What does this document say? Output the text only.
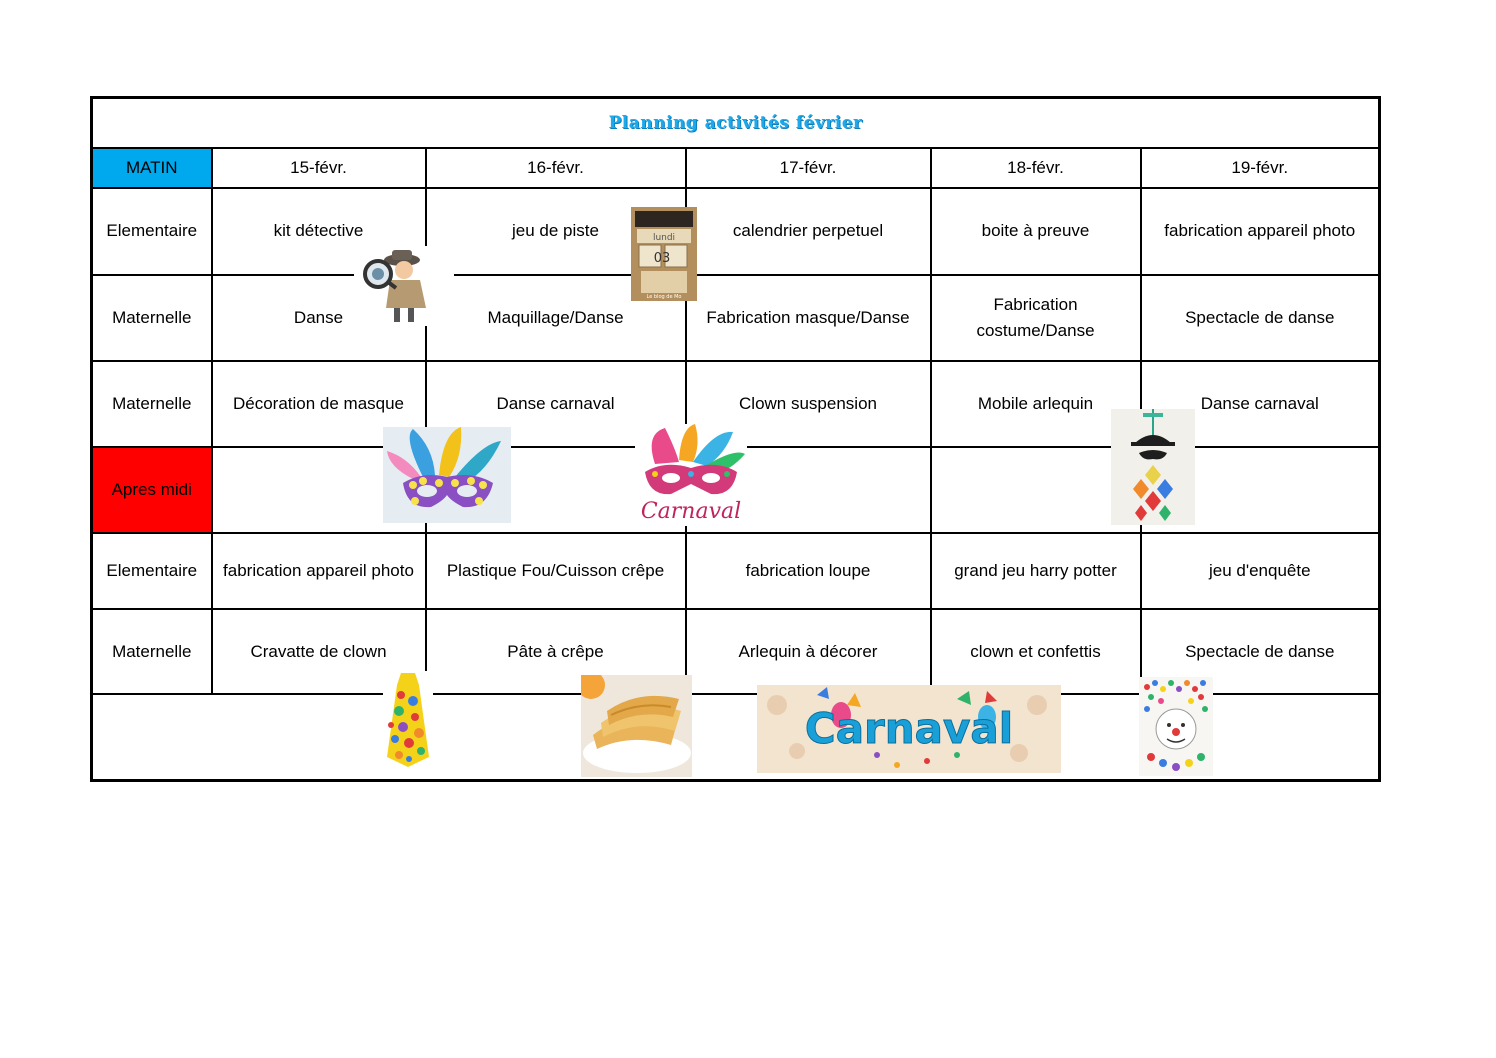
Planning activités février					
MATIN	15-févr.	16-févr.	17-févr.	18-févr.	19-févr.
Elementaire	kit détective	jeu de piste	calendrier perpetuel	boite à preuve	fabrication appareil photo
Maternelle	Danse	Maquillage/Danse	Fabrication masque/Danse	Fabrication costume/Danse	Spectacle de danse
Maternelle	Décoration de masque	Danse carnaval	Clown suspension	Mobile arlequin	Danse carnaval
Apres midi					
Elementaire	fabrication appareil photo	Plastique Fou/Cuisson crêpe	fabrication loupe	grand jeu harry potter	jeu d'enquête
Maternelle	Cravatte de clown	Pâte à crêpe	Arlequin à décorer	clown et confettis	Spectacle de danse

lundi
03
Le blog de Mo
Carnaval
Carnaval
